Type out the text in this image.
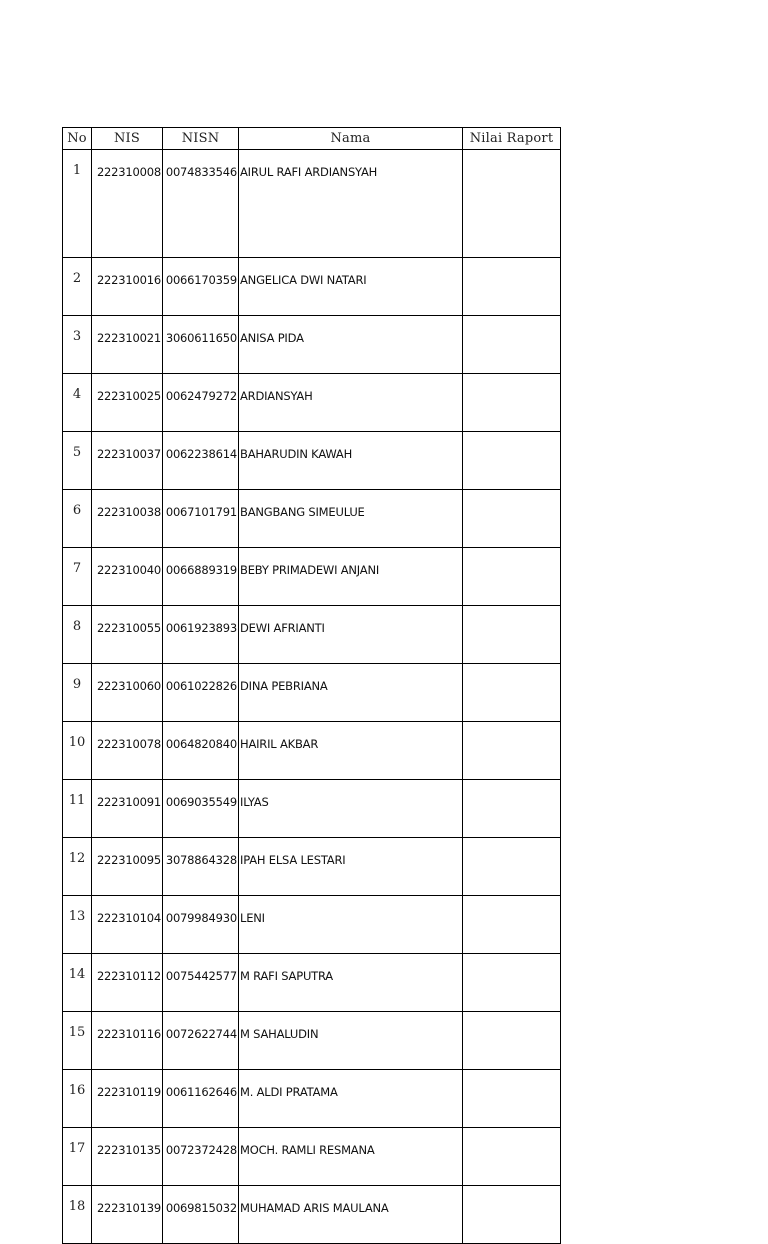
No	NIS	NISN	Nama	Nilai Raport
1	222310008	0074833546	AIRUL RAFI ARDIANSYAH	
2	222310016	0066170359	ANGELICA DWI NATARI	
3	222310021	3060611650	ANISA PIDA	
4	222310025	0062479272	ARDIANSYAH	
5	222310037	0062238614	BAHARUDIN KAWAH	
6	222310038	0067101791	BANGBANG SIMEULUE	
7	222310040	0066889319	BEBY PRIMADEWI ANJANI	
8	222310055	0061923893	DEWI AFRIANTI	
9	222310060	0061022826	DINA PEBRIANA	
10	222310078	0064820840	HAIRIL AKBAR	
11	222310091	0069035549	ILYAS	
12	222310095	3078864328	IPAH ELSA LESTARI	
13	222310104	0079984930	LENI	
14	222310112	0075442577	M RAFI SAPUTRA	
15	222310116	0072622744	M SAHALUDIN	
16	222310119	0061162646	M. ALDI PRATAMA	
17	222310135	0072372428	MOCH. RAMLI RESMANA	
18	222310139	0069815032	MUHAMAD ARIS MAULANA	
